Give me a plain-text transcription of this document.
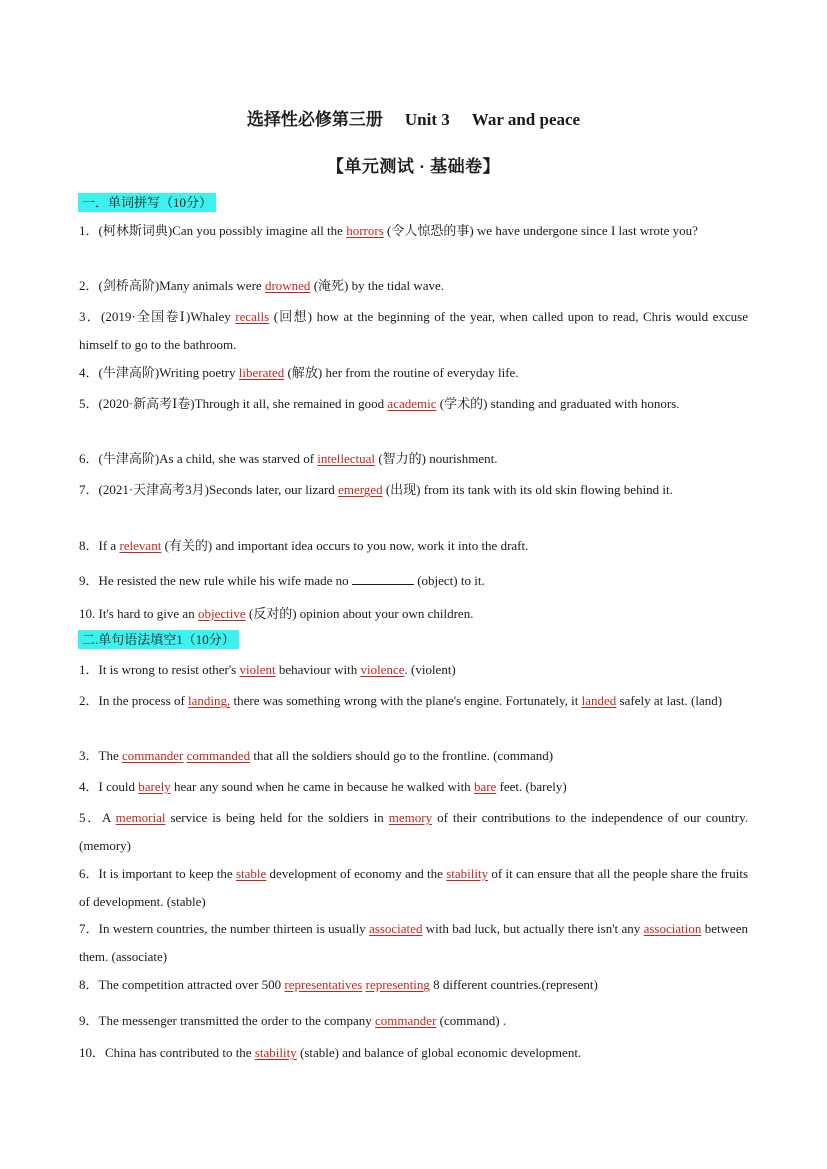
选择性必修第三册 Unit 3 War and peace
【单元测试 · 基础卷】
一．单词拼写（10分）
1．(柯林斯词典)Can you possibly imagine all the horrors (令人惊恐的事) we have undergone since I last wrote you?
2．(剑桥高阶)Many animals were drowned (淹死) by the tidal wave.
3．(2019·全国卷Ⅰ)Whaley recalls (回想) how at the beginning of the year, when called upon to read, Chris would excuse himself to go to the bathroom.
4．(牛津高阶)Writing poetry liberated (解放) her from the routine of everyday life.
5．(2020·新高考Ⅰ卷)Through it all, she remained in good academic (学术的) standing and graduated with honors.
6．(牛津高阶)As a child, she was starved of intellectual (智力的) nourishment.
7．(2021·天津高考3月)Seconds later, our lizard emerged (出现) from its tank with its old skin flowing behind it.
8．If a relevant (有关的) and important idea occurs to you now, work it into the draft.
9．He resisted the new rule while his wife made no	(object) to it.
10. It's hard to give an objective (反对的) opinion about your own children.
二.单句语法填空1（10分）
1．It is wrong to resist other's violent behaviour with violence. (violent)
2．In the process of landing, there was something wrong with the plane's engine. Fortunately, it landed safely at last. (land)
3．The commander commanded that all the soldiers should go to the frontline. (command)
4．I could barely hear any sound when he came in because he walked with bare feet. (barely)
5．A memorial service is being held for the soldiers in memory of their contributions to the independence of our country. (memory)
6．It is important to keep the stable development of economy and the stability of it can ensure that all the people share the fruits of development. (stable)
7．In western countries, the number thirteen is usually associated with bad luck, but actually there isn't any association between them. (associate)
8．The competition attracted over 500 representatives representing 8 different countries.(represent)
9．The messenger transmitted the order to the company commander (command) .
10．China has contributed to the stability (stable) and balance of global economic development.
